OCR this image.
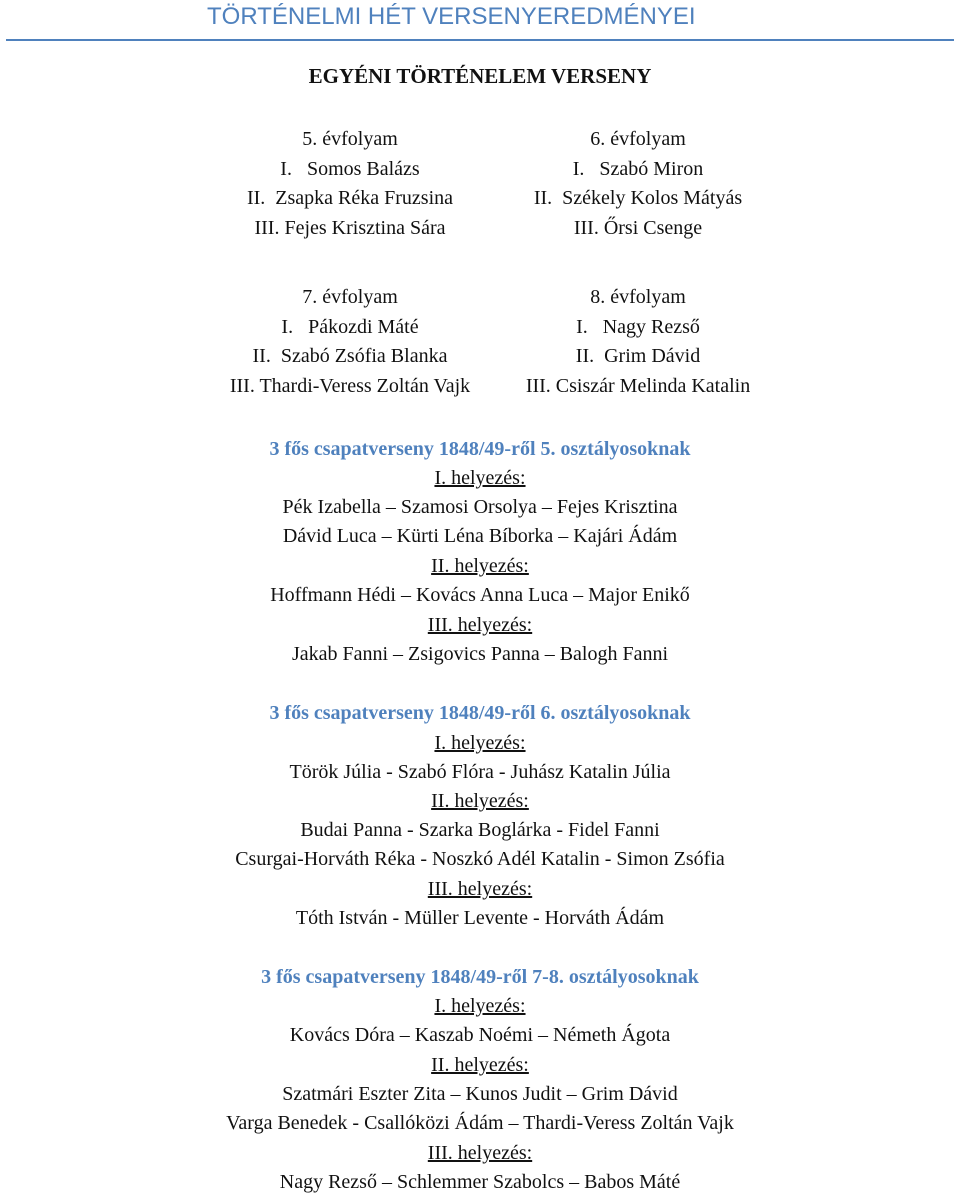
TÖRTÉNELMI HÉT VERSENYEREDMÉNYEI
EGYÉNI TÖRTÉNELEM VERSENY
5. évfolyam
I.   Somos Balázs
II.  Zsapka Réka Fruzsina
III. Fejes Krisztina Sára
6. évfolyam
I.   Szabó Miron
II.  Székely Kolos Mátyás
III. Őrsi Csenge
7. évfolyam
I.   Pákozdi Máté
II.  Szabó Zsófia Blanka
III. Thardi-Veress Zoltán Vajk
8. évfolyam
I.   Nagy Rezső
II.  Grim Dávid
III. Csiszár Melinda Katalin
3 fős csapatverseny 1848/49-ről 5. osztályosoknak
I. helyezés:
Pék Izabella – Szamosi Orsolya – Fejes Krisztina
Dávid Luca – Kürti Léna Bíborka – Kajári Ádám
II. helyezés:
Hoffmann Hédi – Kovács Anna Luca – Major Enikő
III. helyezés:
Jakab Fanni – Zsigovics Panna – Balogh Fanni
3 fős csapatverseny 1848/49-ről 6. osztályosoknak
I. helyezés:
Török Júlia - Szabó Flóra - Juhász Katalin Júlia
II. helyezés:
Budai Panna - Szarka Boglárka - Fidel Fanni
Csurgai-Horváth Réka - Noszkó Adél Katalin - Simon Zsófia
III. helyezés:
Tóth István - Müller Levente - Horváth Ádám
3 fős csapatverseny 1848/49-ről 7-8. osztályosoknak
I. helyezés:
Kovács Dóra – Kaszab Noémi – Németh Ágota
II. helyezés:
Szatmári Eszter Zita – Kunos Judit – Grim Dávid
Varga Benedek - Csallóközi Ádám – Thardi-Veress Zoltán Vajk
III. helyezés:
Nagy Rezső – Schlemmer Szabolcs – Babos Máté
